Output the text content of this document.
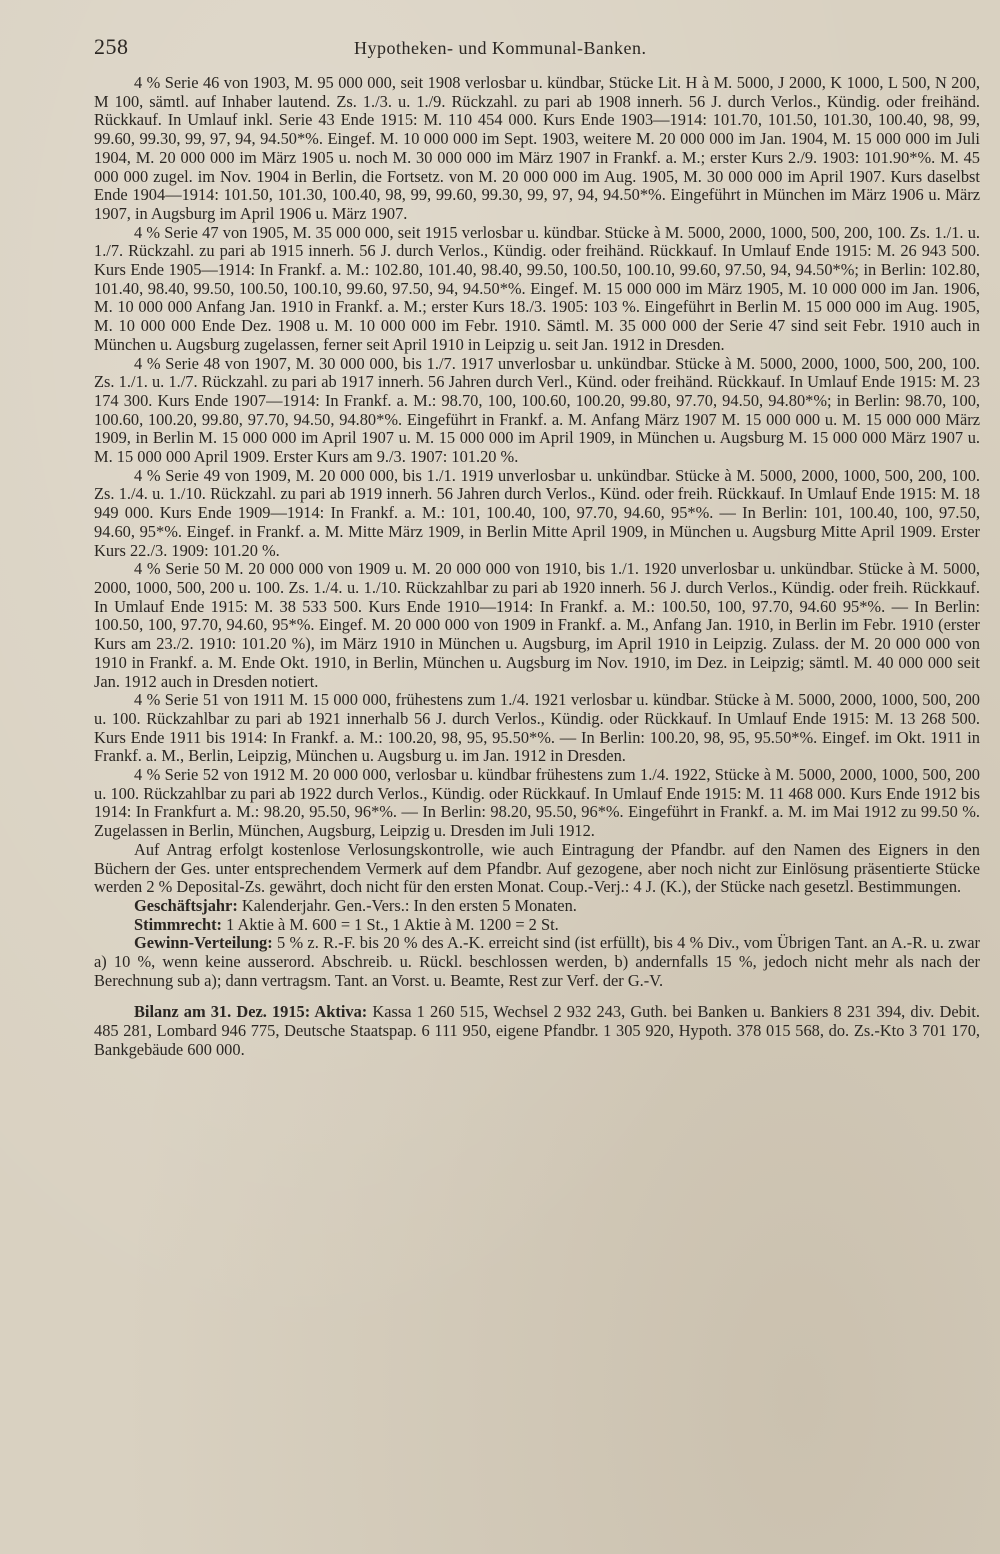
258	Hypotheken- und Kommunal-Banken.

4 % Serie 46 von 1903, M. 95 000 000, seit 1908 verlosbar u. kündbar, Stücke Lit. H à M. 5000, J 2000, K 1000, L 500, N 200, M 100, sämtl. auf Inhaber lautend. Zs. 1./3. u. 1./9. Rückzahl. zu pari ab 1908 innerh. 56 J. durch Verlos., Kündig. oder freihänd. Rückkauf. In Umlauf inkl. Serie 43 Ende 1915: M. 110 454 000. Kurs Ende 1903—1914: 101.70, 101.50, 101.30, 100.40, 98, 99, 99.60, 99.30, 99, 97, 94, 94.50*%. Eingef. M. 10 000 000 im Sept. 1903, weitere M. 20 000 000 im Jan. 1904, M. 15 000 000 im Juli 1904, M. 20 000 000 im März 1905 u. noch M. 30 000 000 im März 1907 in Frankf. a. M.; erster Kurs 2./9. 1903: 101.90*%. M. 45 000 000 zugel. im Nov. 1904 in Berlin, die Fortsetz. von M. 20 000 000 im Aug. 1905, M. 30 000 000 im April 1907. Kurs daselbst Ende 1904—1914: 101.50, 101.30, 100.40, 98, 99, 99.60, 99.30, 99, 97, 94, 94.50*%. Eingeführt in München im März 1906 u. März 1907, in Augsburg im April 1906 u. März 1907.

4 % Serie 47 von 1905, M. 35 000 000, seit 1915 verlosbar u. kündbar. Stücke à M. 5000, 2000, 1000, 500, 200, 100. Zs. 1./1. u. 1./7. Rückzahl. zu pari ab 1915 innerh. 56 J. durch Verlos., Kündig. oder freihänd. Rückkauf. In Umlauf Ende 1915: M. 26 943 500. Kurs Ende 1905—1914: In Frankf. a. M.: 102.80, 101.40, 98.40, 99.50, 100.50, 100.10, 99.60, 97.50, 94, 94.50*%; in Berlin: 102.80, 101.40, 98.40, 99.50, 100.50, 100.10, 99.60, 97.50, 94, 94.50*%. Eingef. M. 15 000 000 im März 1905, M. 10 000 000 im Jan. 1906, M. 10 000 000 Anfang Jan. 1910 in Frankf. a. M.; erster Kurs 18./3. 1905: 103 %. Eingeführt in Berlin M. 15 000 000 im Aug. 1905, M. 10 000 000 Ende Dez. 1908 u. M. 10 000 000 im Febr. 1910. Sämtl. M. 35 000 000 der Serie 47 sind seit Febr. 1910 auch in München u. Augsburg zugelassen, ferner seit April 1910 in Leipzig u. seit Jan. 1912 in Dresden.

4 % Serie 48 von 1907, M. 30 000 000, bis 1./7. 1917 unverlosbar u. unkündbar. Stücke à M. 5000, 2000, 1000, 500, 200, 100. Zs. 1./1. u. 1./7. Rückzahl. zu pari ab 1917 innerh. 56 Jahren durch Verl., Künd. oder freihänd. Rückkauf. In Umlauf Ende 1915: M. 23 174 300. Kurs Ende 1907—1914: In Frankf. a. M.: 98.70, 100, 100.60, 100.20, 99.80, 97.70, 94.50, 94.80*%; in Berlin: 98.70, 100, 100.60, 100.20, 99.80, 97.70, 94.50, 94.80*%. Eingeführt in Frankf. a. M. Anfang März 1907 M. 15 000 000 u. M. 15 000 000 März 1909, in Berlin M. 15 000 000 im April 1907 u. M. 15 000 000 im April 1909, in München u. Augsburg M. 15 000 000 März 1907 u. M. 15 000 000 April 1909. Erster Kurs am 9./3. 1907: 101.20 %.

4 % Serie 49 von 1909, M. 20 000 000, bis 1./1. 1919 unverlosbar u. unkündbar. Stücke à M. 5000, 2000, 1000, 500, 200, 100. Zs. 1./4. u. 1./10. Rückzahl. zu pari ab 1919 innerh. 56 Jahren durch Verlos., Künd. oder freih. Rückkauf. In Umlauf Ende 1915: M. 18 949 000. Kurs Ende 1909—1914: In Frankf. a. M.: 101, 100.40, 100, 97.70, 94.60, 95*%. — In Berlin: 101, 100.40, 100, 97.50, 94.60, 95*%. Eingef. in Frankf. a. M. Mitte März 1909, in Berlin Mitte April 1909, in München u. Augsburg Mitte April 1909. Erster Kurs 22./3. 1909: 101.20 %.

4 % Serie 50 M. 20 000 000 von 1909 u. M. 20 000 000 von 1910, bis 1./1. 1920 unverlosbar u. unkündbar. Stücke à M. 5000, 2000, 1000, 500, 200 u. 100. Zs. 1./4. u. 1./10. Rückzahlbar zu pari ab 1920 innerh. 56 J. durch Verlos., Kündig. oder freih. Rückkauf. In Umlauf Ende 1915: M. 38 533 500. Kurs Ende 1910—1914: In Frankf. a. M.: 100.50, 100, 97.70, 94.60 95*%. — In Berlin: 100.50, 100, 97.70, 94.60, 95*%. Eingef. M. 20 000 000 von 1909 in Frankf. a. M., Anfang Jan. 1910, in Berlin im Febr. 1910 (erster Kurs am 23./2. 1910: 101.20 %), im März 1910 in München u. Augsburg, im April 1910 in Leipzig. Zulass. der M. 20 000 000 von 1910 in Frankf. a. M. Ende Okt. 1910, in Berlin, München u. Augsburg im Nov. 1910, im Dez. in Leipzig; sämtl. M. 40 000 000 seit Jan. 1912 auch in Dresden notiert.

4 % Serie 51 von 1911 M. 15 000 000, frühestens zum 1./4. 1921 verlosbar u. kündbar. Stücke à M. 5000, 2000, 1000, 500, 200 u. 100. Rückzahlbar zu pari ab 1921 innerhalb 56 J. durch Verlos., Kündig. oder Rückkauf. In Umlauf Ende 1915: M. 13 268 500. Kurs Ende 1911 bis 1914: In Frankf. a. M.: 100.20, 98, 95, 95.50*%. — In Berlin: 100.20, 98, 95, 95.50*%. Eingef. im Okt. 1911 in Frankf. a. M., Berlin, Leipzig, München u. Augsburg u. im Jan. 1912 in Dresden.

4 % Serie 52 von 1912 M. 20 000 000, verlosbar u. kündbar frühestens zum 1./4. 1922, Stücke à M. 5000, 2000, 1000, 500, 200 u. 100. Rückzahlbar zu pari ab 1922 durch Verlos., Kündig. oder Rückkauf. In Umlauf Ende 1915: M. 11 468 000. Kurs Ende 1912 bis 1914: In Frankfurt a. M.: 98.20, 95.50, 96*%. — In Berlin: 98.20, 95.50, 96*%. Eingeführt in Frankf. a. M. im Mai 1912 zu 99.50 %. Zugelassen in Berlin, München, Augsburg, Leipzig u. Dresden im Juli 1912.

Auf Antrag erfolgt kostenlose Verlosungskontrolle, wie auch Eintragung der Pfandbr. auf den Namen des Eigners in den Büchern der Ges. unter entsprechendem Vermerk auf dem Pfandbr. Auf gezogene, aber noch nicht zur Einlösung präsentierte Stücke werden 2 % Deposital-Zs. gewährt, doch nicht für den ersten Monat. Coup.-Verj.: 4 J. (K.), der Stücke nach gesetzl. Bestimmungen.

Geschäftsjahr: Kalenderjahr. Gen.-Vers.: In den ersten 5 Monaten.

Stimmrecht: 1 Aktie à M. 600 = 1 St., 1 Aktie à M. 1200 = 2 St.

Gewinn-Verteilung: 5 % z. R.-F. bis 20 % des A.-K. erreicht sind (ist erfüllt), bis 4 % Div., vom Übrigen Tant. an A.-R. u. zwar a) 10 %, wenn keine ausserord. Abschreib. u. Rückl. beschlossen werden, b) andernfalls 15 %, jedoch nicht mehr als nach der Berechnung sub a); dann vertragsm. Tant. an Vorst. u. Beamte, Rest zur Verf. der G.-V.

Bilanz am 31. Dez. 1915: Aktiva: Kassa 1 260 515, Wechsel 2 932 243, Guth. bei Banken u. Bankiers 8 231 394, div. Debit. 485 281, Lombard 946 775, Deutsche Staatspap. 6 111 950, eigene Pfandbr. 1 305 920, Hypoth. 378 015 568, do. Zs.-Kto 3 701 170, Bankgebäude 600 000.
